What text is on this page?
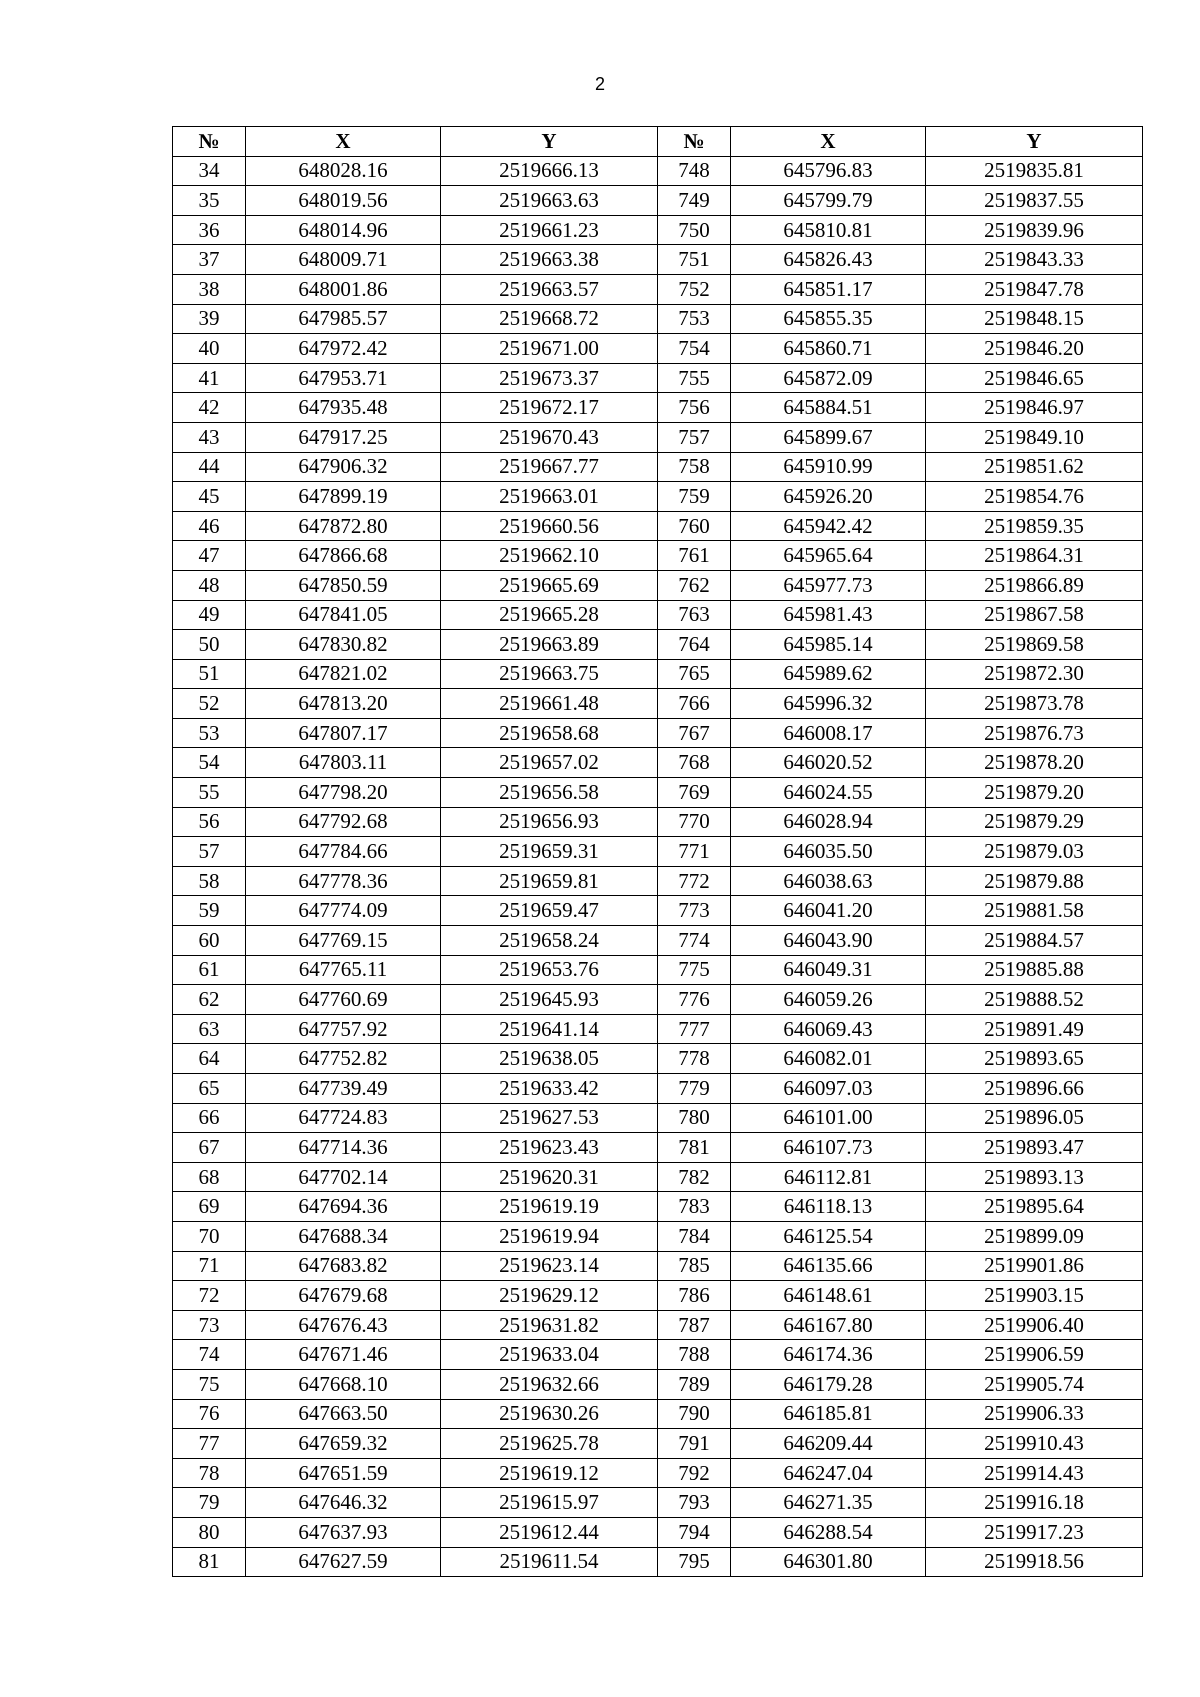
2
№	X	Y	№	X	Y
34	648028.16	2519666.13	748	645796.83	2519835.81
35	648019.56	2519663.63	749	645799.79	2519837.55
36	648014.96	2519661.23	750	645810.81	2519839.96
37	648009.71	2519663.38	751	645826.43	2519843.33
38	648001.86	2519663.57	752	645851.17	2519847.78
39	647985.57	2519668.72	753	645855.35	2519848.15
40	647972.42	2519671.00	754	645860.71	2519846.20
41	647953.71	2519673.37	755	645872.09	2519846.65
42	647935.48	2519672.17	756	645884.51	2519846.97
43	647917.25	2519670.43	757	645899.67	2519849.10
44	647906.32	2519667.77	758	645910.99	2519851.62
45	647899.19	2519663.01	759	645926.20	2519854.76
46	647872.80	2519660.56	760	645942.42	2519859.35
47	647866.68	2519662.10	761	645965.64	2519864.31
48	647850.59	2519665.69	762	645977.73	2519866.89
49	647841.05	2519665.28	763	645981.43	2519867.58
50	647830.82	2519663.89	764	645985.14	2519869.58
51	647821.02	2519663.75	765	645989.62	2519872.30
52	647813.20	2519661.48	766	645996.32	2519873.78
53	647807.17	2519658.68	767	646008.17	2519876.73
54	647803.11	2519657.02	768	646020.52	2519878.20
55	647798.20	2519656.58	769	646024.55	2519879.20
56	647792.68	2519656.93	770	646028.94	2519879.29
57	647784.66	2519659.31	771	646035.50	2519879.03
58	647778.36	2519659.81	772	646038.63	2519879.88
59	647774.09	2519659.47	773	646041.20	2519881.58
60	647769.15	2519658.24	774	646043.90	2519884.57
61	647765.11	2519653.76	775	646049.31	2519885.88
62	647760.69	2519645.93	776	646059.26	2519888.52
63	647757.92	2519641.14	777	646069.43	2519891.49
64	647752.82	2519638.05	778	646082.01	2519893.65
65	647739.49	2519633.42	779	646097.03	2519896.66
66	647724.83	2519627.53	780	646101.00	2519896.05
67	647714.36	2519623.43	781	646107.73	2519893.47
68	647702.14	2519620.31	782	646112.81	2519893.13
69	647694.36	2519619.19	783	646118.13	2519895.64
70	647688.34	2519619.94	784	646125.54	2519899.09
71	647683.82	2519623.14	785	646135.66	2519901.86
72	647679.68	2519629.12	786	646148.61	2519903.15
73	647676.43	2519631.82	787	646167.80	2519906.40
74	647671.46	2519633.04	788	646174.36	2519906.59
75	647668.10	2519632.66	789	646179.28	2519905.74
76	647663.50	2519630.26	790	646185.81	2519906.33
77	647659.32	2519625.78	791	646209.44	2519910.43
78	647651.59	2519619.12	792	646247.04	2519914.43
79	647646.32	2519615.97	793	646271.35	2519916.18
80	647637.93	2519612.44	794	646288.54	2519917.23
81	647627.59	2519611.54	795	646301.80	2519918.56
